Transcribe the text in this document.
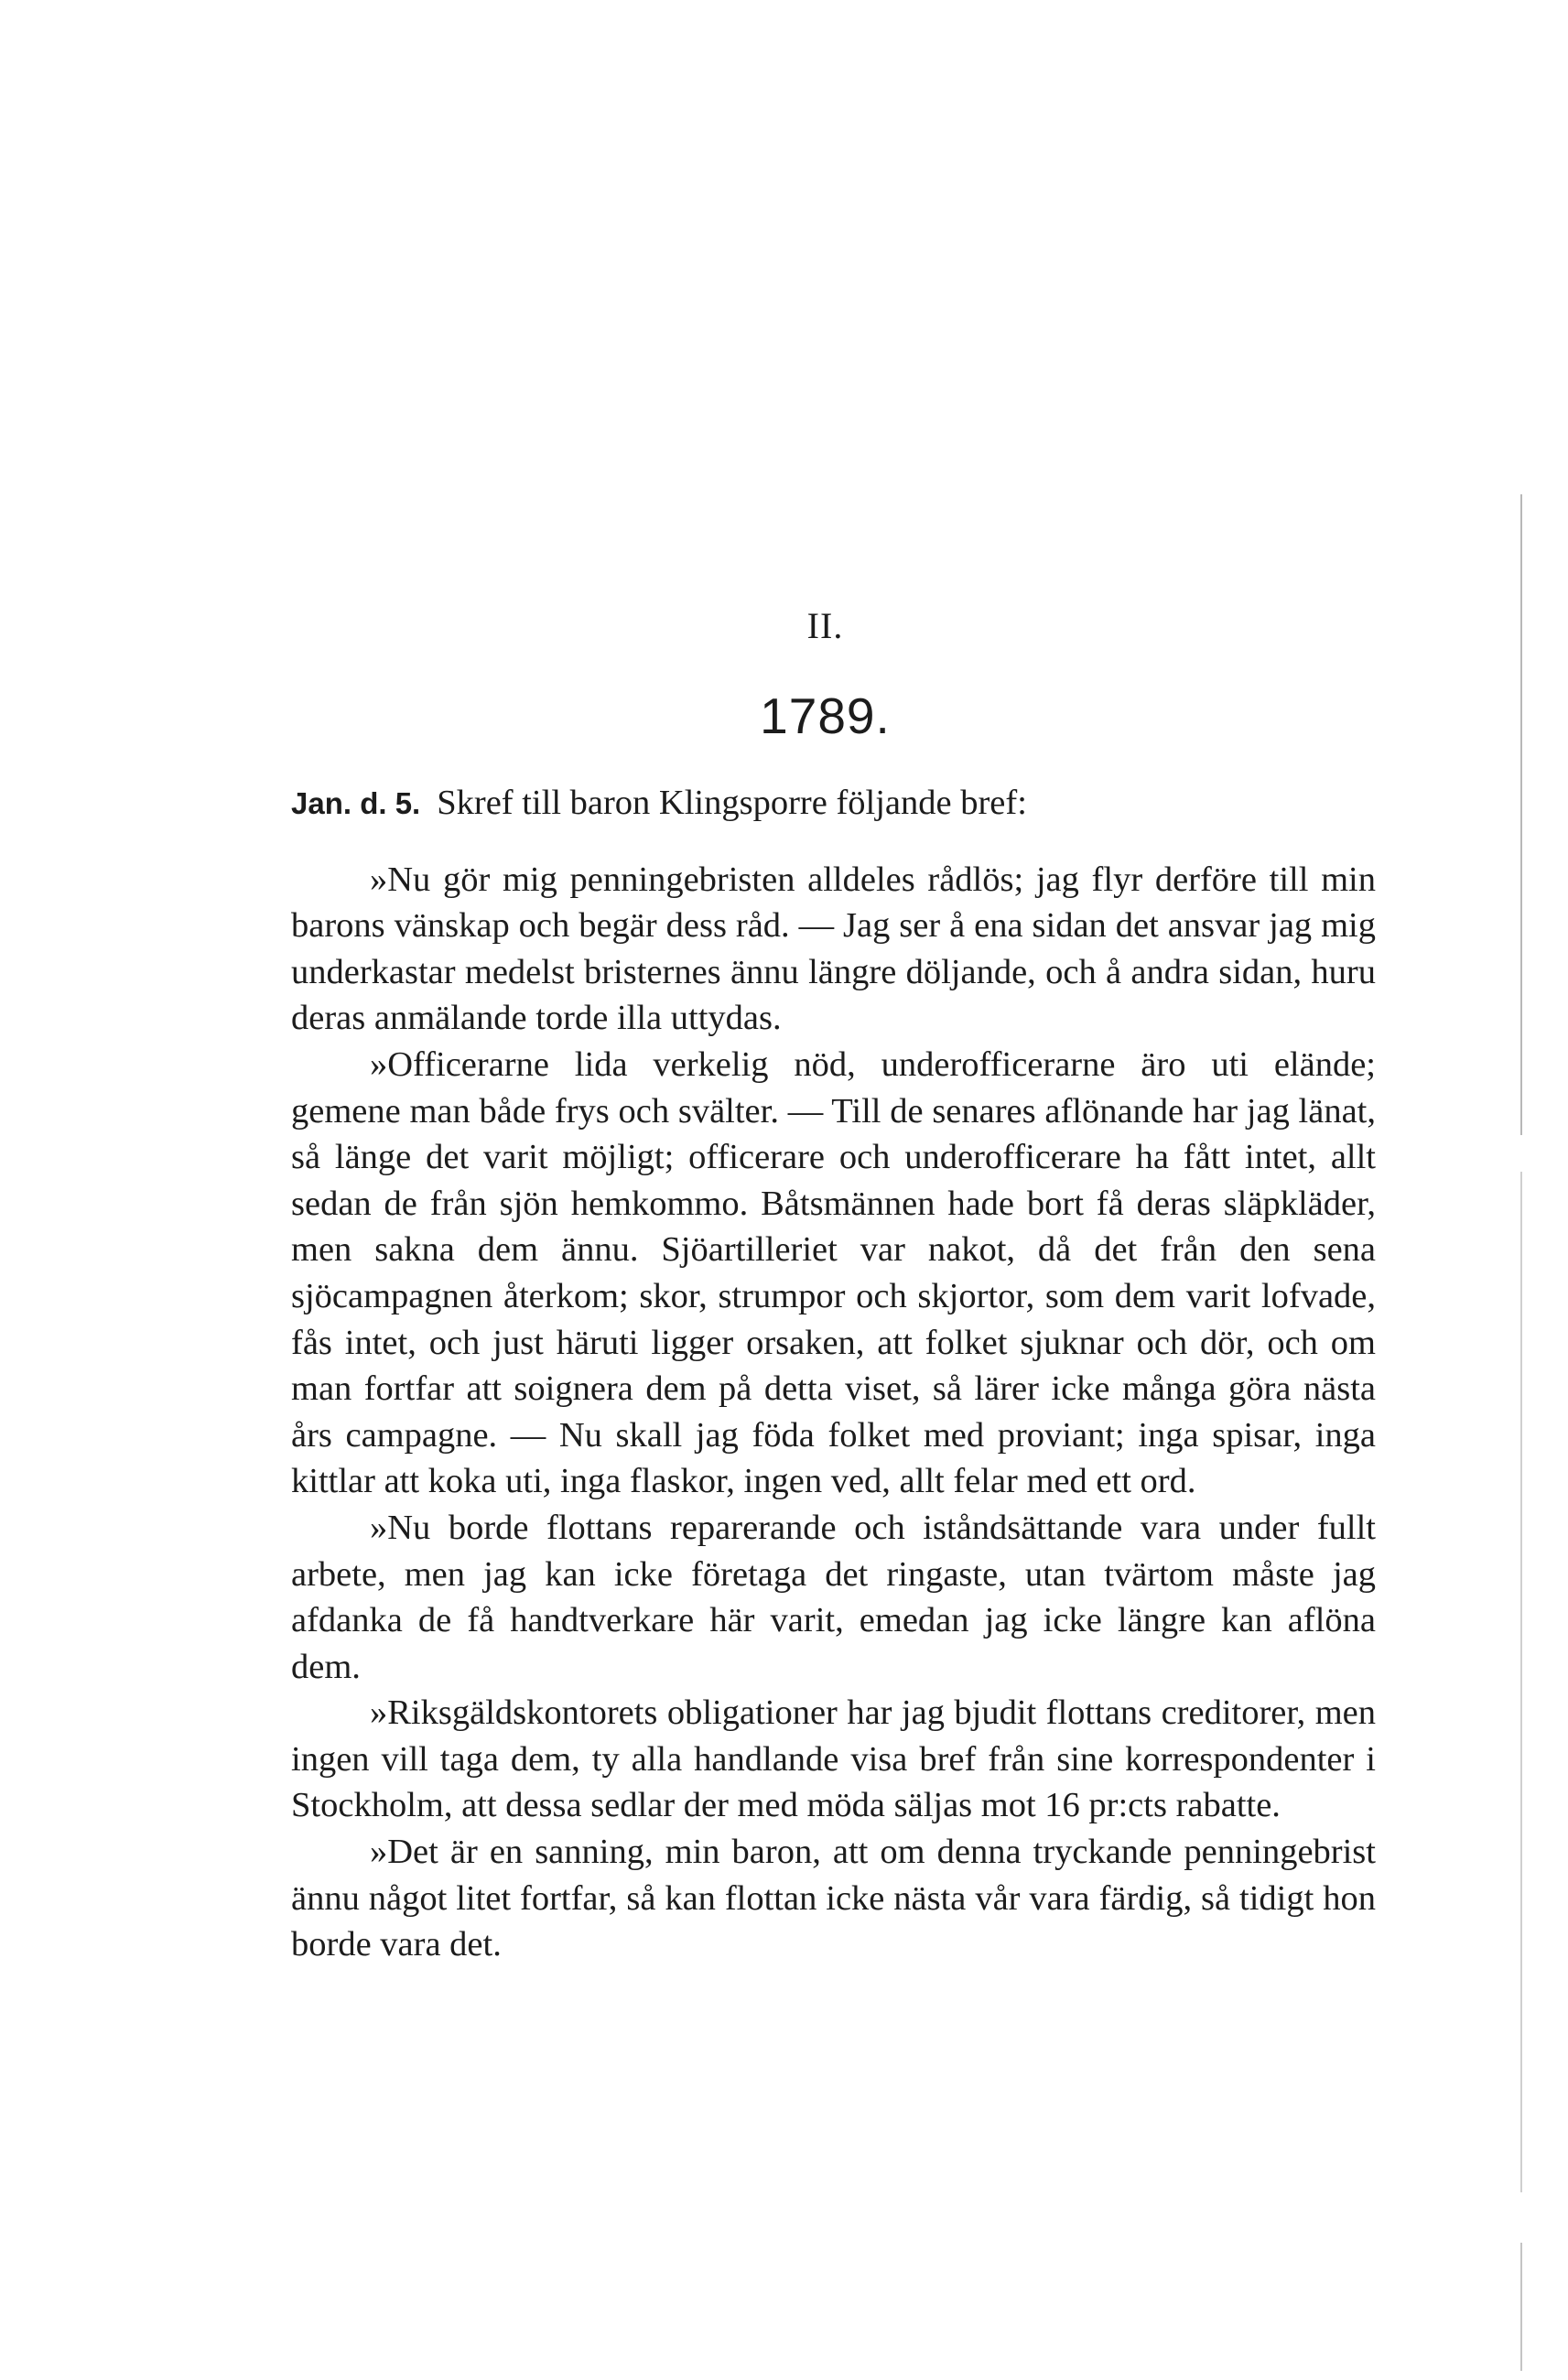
II.
1789.

Jan. d. 5. Skref till baron Klingsporre följande bref:

»Nu gör mig penningebristen alldeles rådlös; jag flyr derföre till min barons vänskap och begär dess råd. — Jag ser å ena sidan det ansvar jag mig underkastar medelst bristernes ännu längre döljande, och å andra sidan, huru deras anmälande torde illa uttydas.

»Officerarne lida verkelig nöd, underofficerarne äro uti elände; gemene man både frys och svälter. — Till de senares aflönande har jag länat, så länge det varit möjligt; officerare och underofficerare ha fått intet, allt sedan de från sjön hemkommo. Båtsmännen hade bort få deras släpkläder, men sakna dem ännu. Sjöartilleriet var nakot, då det från den sena sjöcampagnen återkom; skor, strumpor och skjortor, som dem varit lofvade, fås intet, och just häruti ligger orsaken, att folket sjuknar och dör, och om man fortfar att soignera dem på detta viset, så lärer icke många göra nästa års campagne. — Nu skall jag föda folket med proviant; inga spisar, inga kittlar att koka uti, inga flaskor, ingen ved, allt felar med ett ord.

»Nu borde flottans reparerande och iståndsättande vara under fullt arbete, men jag kan icke företaga det ringaste, utan tvärtom måste jag afdanka de få handtverkare här varit, emedan jag icke längre kan aflöna dem.

»Riksgäldskontorets obligationer har jag bjudit flottans creditorer, men ingen vill taga dem, ty alla handlande visa bref från sine korrespondenter i Stockholm, att dessa sedlar der med möda säljas mot 16 pr:cts rabatte.

»Det är en sanning, min baron, att om denna tryckande penningebrist ännu något litet fortfar, så kan flottan icke nästa vår vara färdig, så tidigt hon borde vara det.
